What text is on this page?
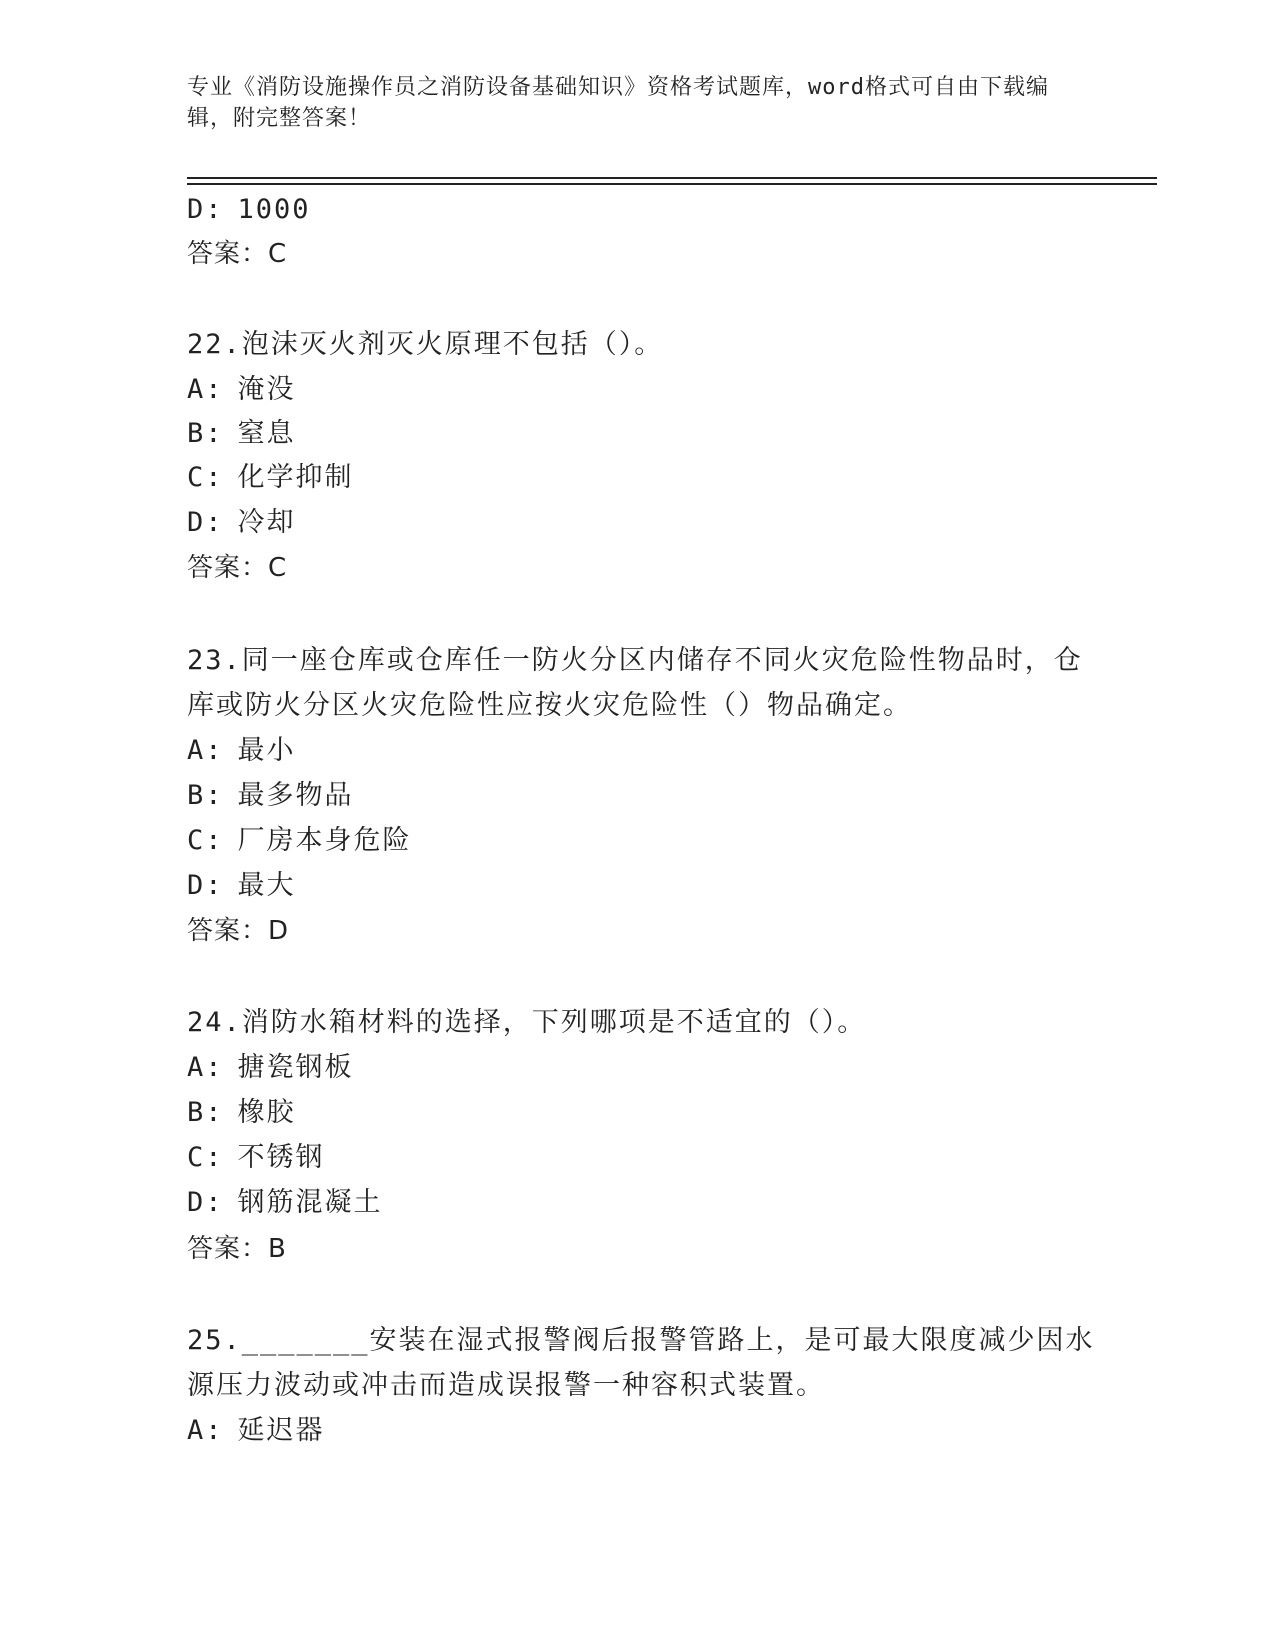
专业《消防设施操作员之消防设备基础知识》资格考试题库，word格式可自由下载编辑，附完整答案！

D: 1000
答案：C
22.泡沫灭火剂灭火原理不包括（）。
A: 淹没
B: 窒息
C: 化学抑制
D: 冷却
答案：C
23.同一座仓库或仓库任一防火分区内储存不同火灾危险性物品时，仓
库或防火分区火灾危险性应按火灾危险性（）物品确定。
A: 最小
B: 最多物品
C: 厂房本身危险
D: 最大
答案：D
24.消防水箱材料的选择，下列哪项是不适宜的（）。
A: 搪瓷钢板
B: 橡胶
C: 不锈钢
D: 钢筋混凝土
答案：B
25._______安装在湿式报警阀后报警管路上，是可最大限度减少因水
源压力波动或冲击而造成误报警一种容积式装置。
A: 延迟器
